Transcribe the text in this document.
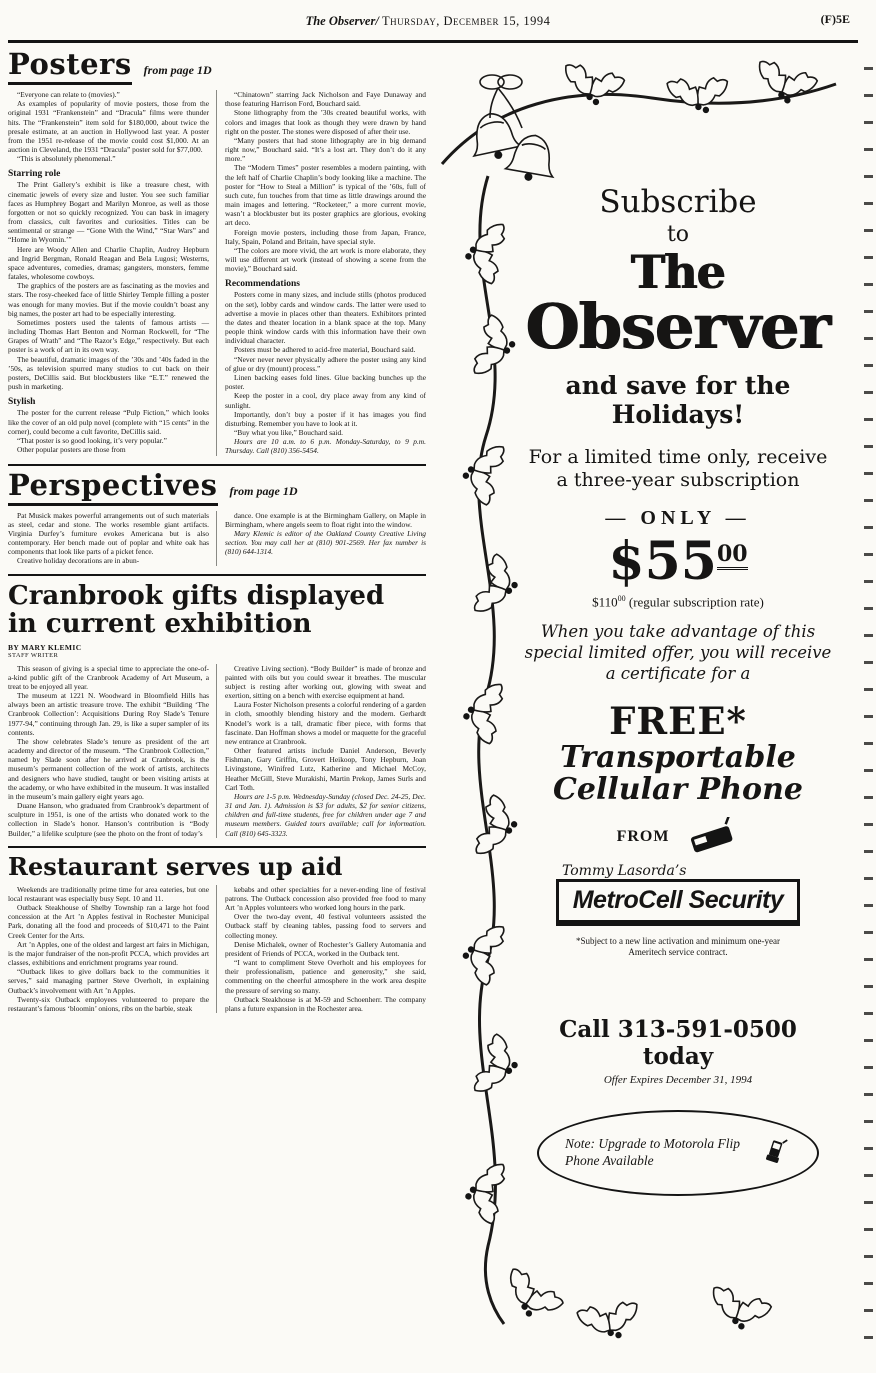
The Observer/ Thursday, December 15, 1994	(F)5E
Posters from page 1D

“Everyone can relate to (movies).”

As examples of popularity of movie posters, those from the original 1931 “Frankenstein” and “Dracula” films were thunder hits. The “Frankenstein” item sold for $180,000, about twice the presale estimate, at an auction in Hollywood last year. A poster from the 1951 re-release of the movie could cost $1,000. At an auction in Cleveland, the 1931 “Dracula” poster sold for $77,000.

“This is absolutely phenomenal.”

Starring role

The Print Gallery’s exhibit is like a treasure chest, with cinematic jewels of every size and luster. You see such familiar faces as Humphrey Bogart and Marilyn Monroe, as well as those forgotten or not so quickly recognized. You can bask in imagery from classics, cult favorites and curiosities. Titles can be sentimental or strange — “Gone With the Wind,” “Star Wars” and “Home in Wyomin.’”

Here are Woody Allen and Charlie Chaplin, Audrey Hepburn and Ingrid Bergman, Ronald Reagan and Bela Lugosi; Westerns, space adventures, comedies, dramas; gangsters, monsters, femme fatales, wholesome cowboys.

The graphics of the posters are as fascinating as the movies and stars. The rosy-cheeked face of little Shirley Temple filling a poster was enough for many movies. But if the movie couldn’t boast any big names, the poster art had to be especially interesting.

Sometimes posters used the talents of famous artists — including Thomas Hart Benton and Norman Rockwell, for “The Grapes of Wrath” and “The Razor’s Edge,” respectively. But each poster is a work of art in its own way.

The beautiful, dramatic images of the ’30s and ’40s faded in the ’50s, as television spurred many studios to cut back on their posters, DeCillis said. But blockbusters like “E.T.” renewed the push in marketing.

Stylish

The poster for the current release “Pulp Fiction,” which looks like the cover of an old pulp novel (complete with “15 cents” in the corner), could become a cult favorite, DeCillis said.

“That poster is so good looking, it’s very popular.”

Other popular posters are those from

“Chinatown” starring Jack Nicholson and Faye Dunaway and those featuring Harrison Ford, Bouchard said.

Stone lithography from the ’30s created beautiful works, with colors and images that look as though they were drawn by hand right on the poster. The stones were disposed of after their use.

“Many posters that had stone lithography are in big demand right now,” Bouchard said. “It’s a lost art. They don’t do it any more.”

The “Modern Times” poster resembles a modern painting, with the left half of Charlie Chaplin’s body looking like a machine. The poster for “How to Steal a Million” is typical of the ’60s, full of such cute, fun touches from that time as little drawings around the main images and lettering. “Rocketeer,” a more current movie, wasn’t a blockbuster but its poster graphics are glorious, evoking art deco.

Foreign movie posters, including those from Japan, France, Italy, Spain, Poland and Britain, have special style.

“The colors are more vivid, the art work is more elaborate, they will use different art work (instead of showing a scene from the movie),” Bouchard said.

Recommendations

Posters come in many sizes, and include stills (photos produced on the set), lobby cards and window cards. The latter were used to advertise a movie in places other than theaters. Exhibitors printed the dates and theater location in a blank space at the top. Many people think window cards with this information have their own individual character.

Posters must be adhered to acid-free material, Bouchard said.

“Never never never physically adhere the poster using any kind of glue or dry (mount) process.”

Linen backing eases fold lines. Glue backing bunches up the poster.

Keep the poster in a cool, dry place away from any kind of sunlight.

Importantly, don’t buy a poster if it has images you find disturbing. Remember you have to look at it.

“Buy what you like,” Bouchard said.

Hours are 10 a.m. to 6 p.m. Monday-Saturday, to 9 p.m. Thursday. Call (810) 356-5454.

Perspectives from page 1D

Pat Musick makes powerful arrangements out of such materials as steel, cedar and stone. The works resemble giant artifacts. Virginia Durfey’s furniture evokes Americana but is also contemporary. Her bench made out of poplar and white oak has components that look like parts of a picket fence.

Creative holiday decorations are in abun-

dance. One example is at the Birmingham Gallery, on Maple in Birmingham, where angels seem to float right into the window.

Mary Klemic is editor of the Oakland County Creative Living section. You may call her at (810) 901-2569. Her fax number is (810) 644-1314.

Cranbrook gifts displayed
in current exhibition
BY MARY KLEMIC
STAFF WRITER

This season of giving is a special time to appreciate the one-of-a-kind public gift of the Cranbrook Academy of Art Museum, a treat to be enjoyed all year.

The museum at 1221 N. Woodward in Bloomfield Hills has always been an artistic treasure trove. The exhibit “Building ‘The Cranbrook Collection’: Acquisitions During Roy Slade’s Tenure 1977-94,” continuing through Jan. 29, is like a super sampler of its contents.

The show celebrates Slade’s tenure as president of the art academy and director of the museum. “The Cranbrook Collection,” named by Slade soon after he arrived at Cranbrook, is the museum’s permanent collection of the work of artists, architects and designers who have studied, taught or been visiting artists at the academy, or who have exhibited in the museum. It was installed in the museum’s main gallery eight years ago.

Duane Hanson, who graduated from Cranbrook’s department of sculpture in 1951, is one of the artists who donated work to the collection in Slade’s honor. Hanson’s contribution is “Body Builder,” a lifelike sculpture (see the photo on the front of today’s

Creative Living section). “Body Builder” is made of bronze and painted with oils but you could swear it breathes. The muscular subject is resting after working out, glowing with sweat and exertion, sitting on a bench with exercise equipment at hand.

Laura Foster Nicholson presents a colorful rendering of a garden in cloth, smoothly blending history and the modern. Gerhardt Knodel’s work is a tall, dramatic fiber piece, with forms that fascinate. Dan Hoffman shows a model or maquette for the graceful new entrance at Cranbrook.

Other featured artists include Daniel Anderson, Beverly Fishman, Gary Griffin, Grovert Heikoop, Tony Hepburn, Joan Livingstone, Winifred Lutz, Katherine and Michael McCoy, Heather McGill, Steve Murakishi, Martin Prekop, James Surls and Carl Toth.

Hours are 1-5 p.m. Wednesday-Sunday (closed Dec. 24-25, Dec. 31 and Jan. 1). Admission is $3 for adults, $2 for senior citizens, children and full-time students, free for children under age 7 and museum members. Guided tours available; call for information. Call (810) 645-3323.

Restaurant serves up aid

Weekends are traditionally prime time for area eateries, but one local restaurant was especially busy Sept. 10 and 11.

Outback Steakhouse of Shelby Township ran a large hot food concession at the Art ’n Apples festival in Rochester Municipal Park, donating all the food and proceeds of $10,471 to the Paint Creek Center for the Arts.

Art ’n Apples, one of the oldest and largest art fairs in Michigan, is the major fundraiser of the non-profit PCCA, which provides art classes, exhibitions and enrichment programs year round.

“Outback likes to give dollars back to the communities it serves,” said managing partner Steve Overholt, in explaining Outback’s involvement with Art ’n Apples.

Twenty-six Outback employees volunteered to prepare the restaurant’s famous ‘bloomin’ onions, ribs on the barbie, steak

kebabs and other specialties for a never-ending line of festival patrons. The Outback concession also provided free food to many Art ’n Apples volunteers who worked long hours in the park.

Over the two-day event, 40 festival volunteers assisted the Outback staff by cleaning tables, passing food to servers and collecting money.

Denise Michalek, owner of Rochester’s Gallery Automania and president of Friends of PCCA, worked in the Outback tent.

“I want to compliment Steve Overholt and his employees for their professionalism, patience and generosity,” she said, commenting on the cheerful atmosphere in the work area despite the pressure of serving so many.

Outback Steakhouse is at M-59 and Schoenherr. The company plans a future expansion in the Rochester area.

Subscribe
to
The
Observer
and save for the Holidays!
For a limited time only, receive a three-year subscription
— ONLY —
$\$55^{00}$
$\$110^{00}$ (regular subscription rate)
When you take advantage of this special limited offer, you will receive a certificate for a
FREE*
Transportable
Cellular Phone
FROM
Tommy Lasorda’s
MetroCell Security
*Subject to a new line activation and minimum one-year Ameritech service contract.
Call 313-591-0500 today
Offer Expires December 31, 1994
Note: Upgrade to Motorola Flip Phone Available
